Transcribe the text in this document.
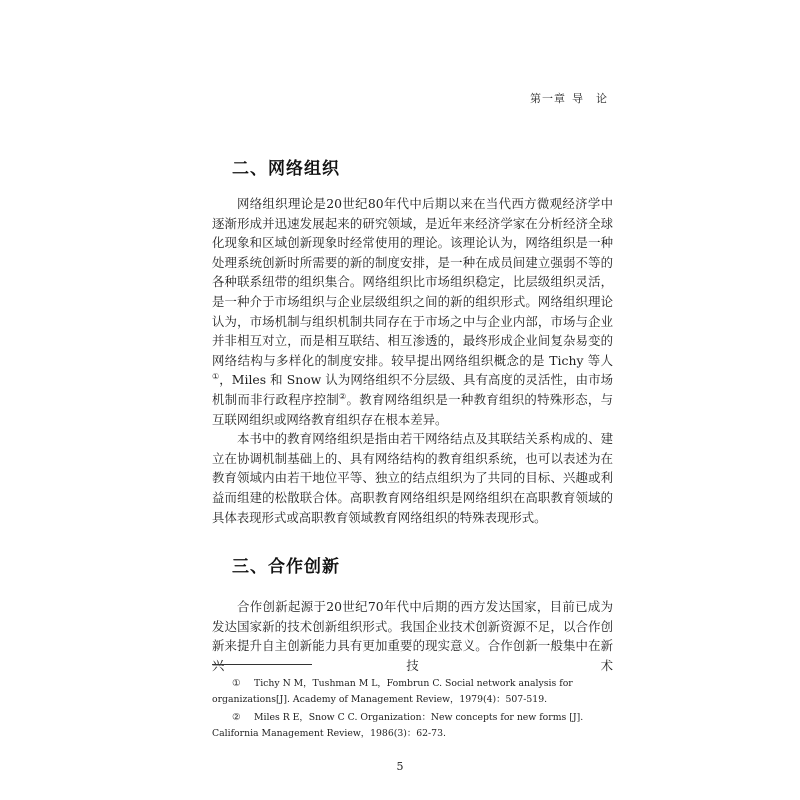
第一章 导　论
二、网络组织

网络组织理论是20世纪80年代中后期以来在当代西方微观经济学中逐渐形成并迅速发展起来的研究领域，是近年来经济学家在分析经济全球化现象和区域创新现象时经常使用的理论。该理论认为，网络组织是一种处理系统创新时所需要的新的制度安排，是一种在成员间建立强弱不等的各种联系纽带的组织集合。网络组织比市场组织稳定，比层级组织灵活，是一种介于市场组织与企业层级组织之间的新的组织形式。网络组织理论认为，市场机制与组织机制共同存在于市场之中与企业内部，市场与企业并非相互对立，而是相互联结、相互渗透的，最终形成企业间复杂易变的网络结构与多样化的制度安排。较早提出网络组织概念的是 Tichy 等人①，Miles 和 Snow 认为网络组织不分层级、具有高度的灵活性，由市场机制而非行政程序控制②。教育网络组织是一种教育组织的特殊形态，与互联网组织或网络教育组织存在根本差异。

本书中的教育网络组织是指由若干网络结点及其联结关系构成的、建立在协调机制基础上的、具有网络结构的教育组织系统，也可以表述为在教育领域内由若干地位平等、独立的结点组织为了共同的目标、兴趣或利益而组建的松散联合体。高职教育网络组织是网络组织在高职教育领域的具体表现形式或高职教育领域教育网络组织的特殊表现形式。

三、合作创新

合作创新起源于20世纪70年代中后期的西方发达国家，目前已成为发达国家新的技术创新组织形式。我国企业技术创新资源不足，以合作创新来提升自主创新能力具有更加重要的现实意义。合作创新一般集中在新兴技术

① Tichy N M，Tushman M L，Fombrun C. Social network analysis for organizations[J]. Academy of Management Review，1979(4)：507-519.
② Miles R E，Snow C C. Organization：New concepts for new forms [J]. California Management Review，1986(3)：62-73.
5
